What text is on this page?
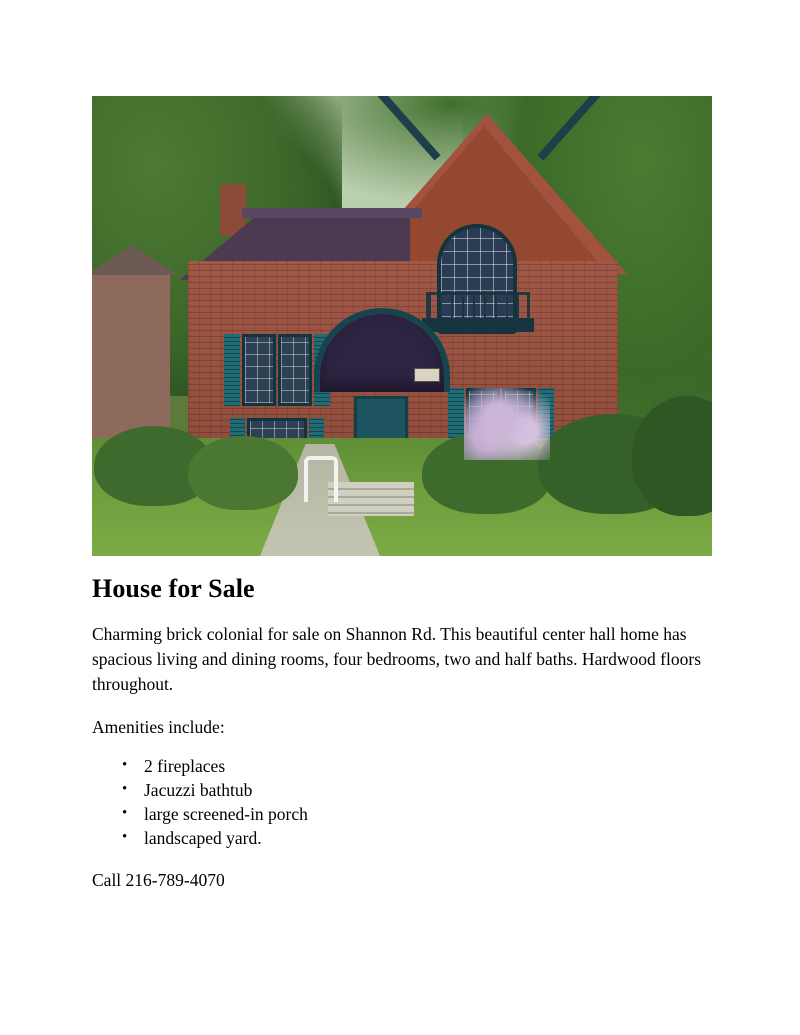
House for Sale

Charming brick colonial for sale on Shannon Rd. This beautiful center hall home has spacious living and dining rooms, four bedrooms, two and half baths. Hardwood floors throughout.

Amenities include:

• 2 fireplaces
• Jacuzzi bathtub
• large screened-in porch
• landscaped yard.

Call 216-789-4070
